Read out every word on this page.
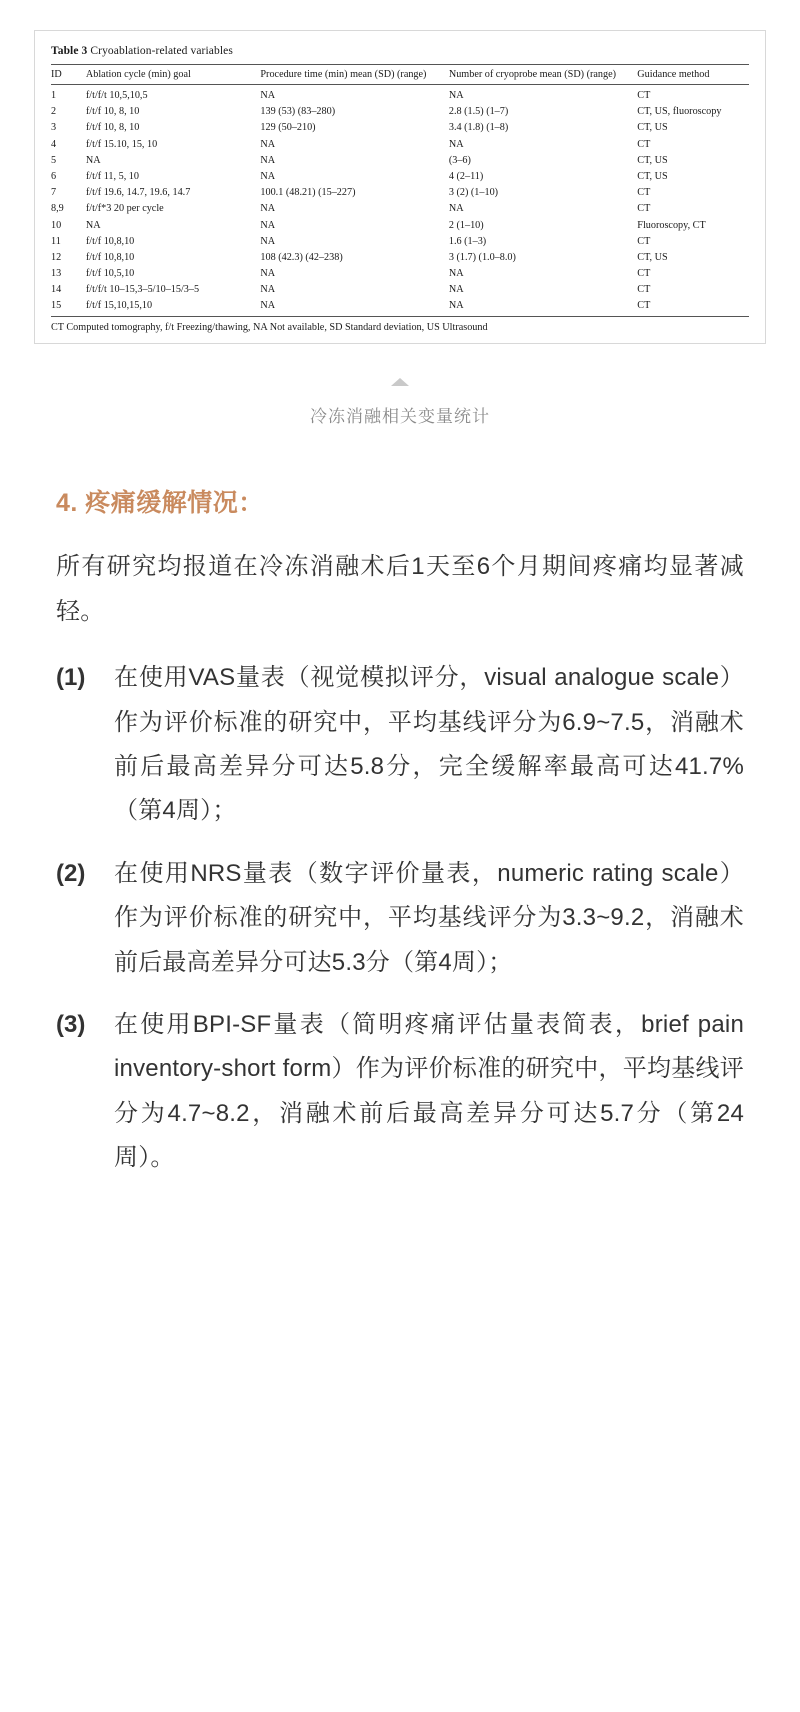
Table 3 Cryoablation-related variables
ID	Ablation cycle (min) goal	Procedure time (min) mean (SD) (range)	Number of cryoprobe mean (SD) (range)	Guidance method
1	f/t/f/t 10,5,10,5	NA	NA	CT
2	f/t/f 10, 8, 10	139 (53) (83–280)	2.8 (1.5) (1–7)	CT, US, fluoroscopy
3	f/t/f 10, 8, 10	129 (50–210)	3.4 (1.8) (1–8)	CT, US
4	f/t/f 15.10, 15, 10	NA	NA	CT
5	NA	NA	(3–6)	CT, US
6	f/t/f 11, 5, 10	NA	4 (2–11)	CT, US
7	f/t/f 19.6, 14.7, 19.6, 14.7	100.1 (48.21) (15–227)	3 (2) (1–10)	CT
8,9	f/t/f*3 20 per cycle	NA	NA	CT
10	NA	NA	2 (1–10)	Fluoroscopy, CT
11	f/t/f 10,8,10	NA	1.6 (1–3)	CT
12	f/t/f 10,8,10	108 (42.3) (42–238)	3 (1.7) (1.0–8.0)	CT, US
13	f/t/f 10,5,10	NA	NA	CT
14	f/t/f/t 10–15,3–5/10–15/3–5	NA	NA	CT
15	f/t/f 15,10,15,10	NA	NA	CT
CT Computed tomography, f/t Freezing/thawing, NA Not available, SD Standard deviation, US Ultrasound
冷冻消融相关变量统计
4. 疼痛缓解情况：

所有研究均报道在冷冻消融术后1天至6个月期间疼痛均显著减轻。

(1)	在使用VAS量表（视觉模拟评分，visual analogue scale）作为评价标准的研究中，平均基线评分为6.9~7.5，消融术前后最高差异分可达5.8分，完全缓解率最高可达41.7%（第4周）；
(2)	在使用NRS量表（数字评价量表，numeric rating scale）作为评价标准的研究中，平均基线评分为3.3~9.2，消融术前后最高差异分可达5.3分（第4周）；
(3)	在使用BPI-SF量表（简明疼痛评估量表简表，brief pain inventory-short form）作为评价标准的研究中，平均基线评分为4.7~8.2，消融术前后最高差异分可达5.7分（第24周）。
